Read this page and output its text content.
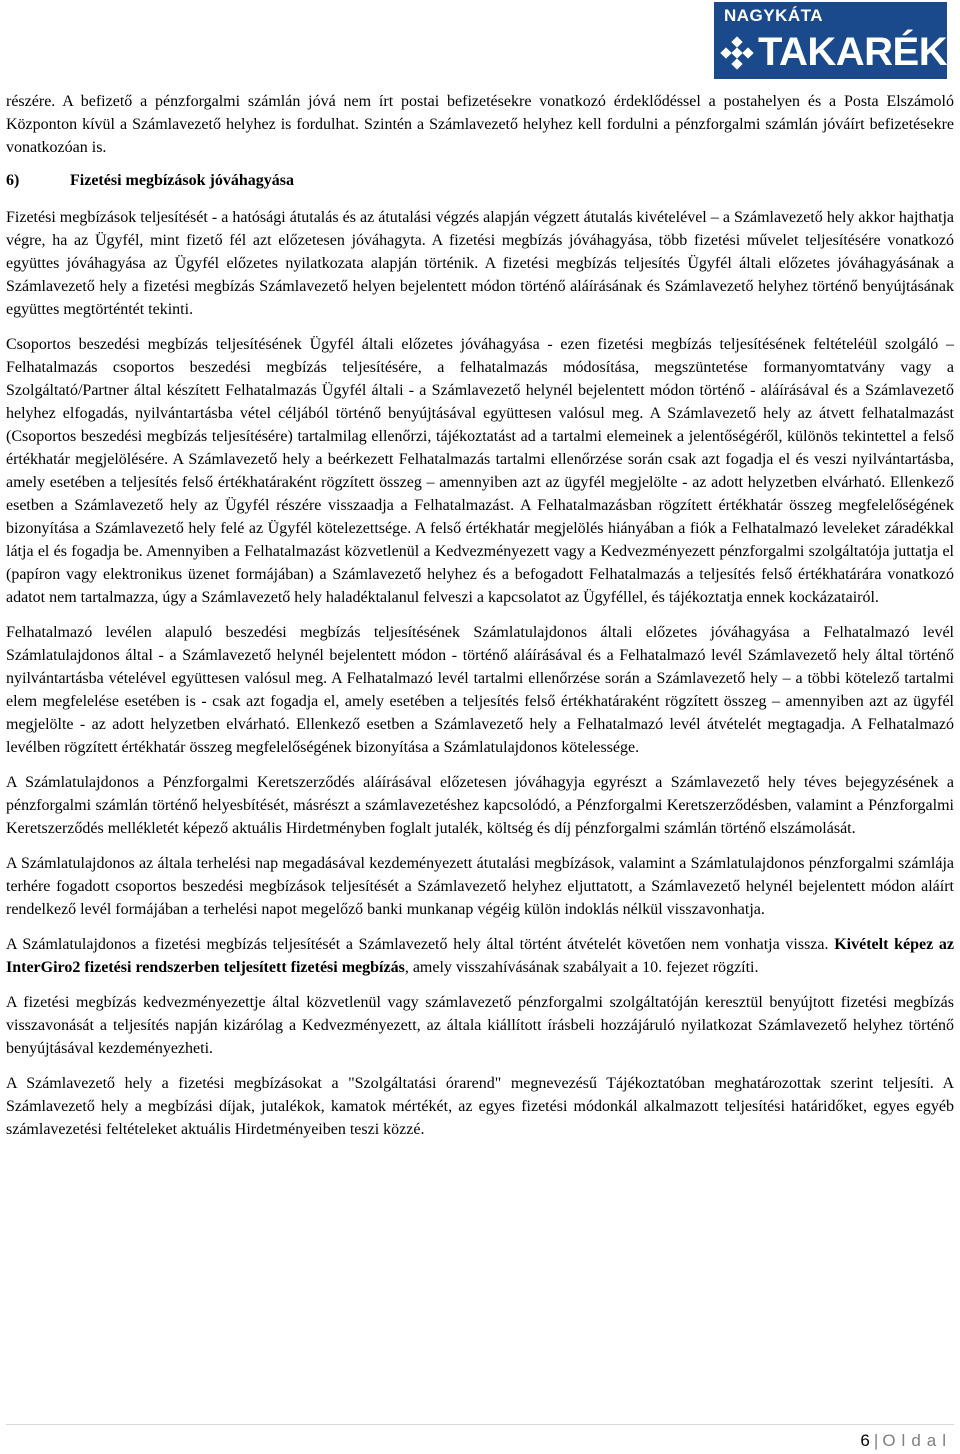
NAGYKÁTA
TAKARÉK

részére. A befizető a pénzforgalmi számlán jóvá nem írt postai befizetésekre vonatkozó érdeklődéssel a postahelyen és a Posta Elszámoló Központon kívül a Számlavezető helyhez is fordulhat. Szintén a Számlavezető helyhez kell fordulni a pénzforgalmi számlán jóváírt befizetésekre vonatkozóan is.

6)	Fizetési megbízások jóváhagyása

Fizetési megbízások teljesítését - a hatósági átutalás és az átutalási végzés alapján végzett átutalás kivételével – a Számlavezető hely akkor hajthatja végre, ha az Ügyfél, mint fizető fél azt előzetesen jóváhagyta. A fizetési megbízás jóváhagyása, több fizetési művelet teljesítésére vonatkozó együttes jóváhagyása az Ügyfél előzetes nyilatkozata alapján történik. A fizetési megbízás teljesítés Ügyfél általi előzetes jóváhagyásának a Számlavezető hely a fizetési megbízás Számlavezető helyen bejelentett módon történő aláírásának és Számlavezető helyhez történő benyújtásának együttes megtörténtét tekinti.

Csoportos beszedési megbízás teljesítésének Ügyfél általi előzetes jóváhagyása - ezen fizetési megbízás teljesítésének feltételéül szolgáló – Felhatalmazás csoportos beszedési megbízás teljesítésére, a felhatalmazás módosítása, megszüntetése formanyomtatvány vagy a Szolgáltató/Partner által készített Felhatalmazás Ügyfél általi - a Számlavezető helynél bejelentett módon történő - aláírásával és a Számlavezető helyhez elfogadás, nyilvántartásba vétel céljából történő benyújtásával együttesen valósul meg. A Számlavezető hely az átvett felhatalmazást (Csoportos beszedési megbízás teljesítésére) tartalmilag ellenőrzi, tájékoztatást ad a tartalmi elemeinek a jelentőségéről, különös tekintettel a felső értékhatár megjelölésére. A Számlavezető hely a beérkezett Felhatalmazás tartalmi ellenőrzése során csak azt fogadja el és veszi nyilvántartásba, amely esetében a teljesítés felső értékhatáraként rögzített összeg – amennyiben azt az ügyfél megjelölte - az adott helyzetben elvárható. Ellenkező esetben a Számlavezető hely az Ügyfél részére visszaadja a Felhatalmazást. A Felhatalmazásban rögzített értékhatár összeg megfelelőségének bizonyítása a Számlavezető hely felé az Ügyfél kötelezettsége. A felső értékhatár megjelölés hiányában a fiók a Felhatalmazó leveleket záradékkal látja el és fogadja be. Amennyiben a Felhatalmazást közvetlenül a Kedvezményezett vagy a Kedvezményezett pénzforgalmi szolgáltatója juttatja el (papíron vagy elektronikus üzenet formájában) a Számlavezető helyhez és a befogadott Felhatalmazás a teljesítés felső értékhatárára vonatkozó adatot nem tartalmazza, úgy a Számlavezető hely haladéktalanul felveszi a kapcsolatot az Ügyféllel, és tájékoztatja ennek kockázatairól.

Felhatalmazó levélen alapuló beszedési megbízás teljesítésének Számlatulajdonos általi előzetes jóváhagyása a Felhatalmazó levél Számlatulajdonos által - a Számlavezető helynél bejelentett módon - történő aláírásával és a Felhatalmazó levél Számlavezető hely által történő nyilvántartásba vételével együttesen valósul meg. A Felhatalmazó levél tartalmi ellenőrzése során a Számlavezető hely – a többi kötelező tartalmi elem megfelelése esetében is - csak azt fogadja el, amely esetében a teljesítés felső értékhatáraként rögzített összeg – amennyiben azt az ügyfél megjelölte - az adott helyzetben elvárható. Ellenkező esetben a Számlavezető hely a Felhatalmazó levél átvételét megtagadja. A Felhatalmazó levélben rögzített értékhatár összeg megfelelőségének bizonyítása a Számlatulajdonos kötelessége.

A Számlatulajdonos a Pénzforgalmi Keretszerződés aláírásával előzetesen jóváhagyja egyrészt a Számlavezető hely téves bejegyzésének a pénzforgalmi számlán történő helyesbítését, másrészt a számlavezetéshez kapcsolódó, a Pénzforgalmi Keretszerződésben, valamint a Pénzforgalmi Keretszerződés mellékletét képező aktuális Hirdetményben foglalt jutalék, költség és díj pénzforgalmi számlán történő elszámolását.

A Számlatulajdonos az általa terhelési nap megadásával kezdeményezett átutalási megbízások, valamint a Számlatulajdonos pénzforgalmi számlája terhére fogadott csoportos beszedési megbízások teljesítését a Számlavezető helyhez eljuttatott, a Számlavezető helynél bejelentett módon aláírt rendelkező levél formájában a terhelési napot megelőző banki munkanap végéig külön indoklás nélkül visszavonhatja.

A Számlatulajdonos a fizetési megbízás teljesítését a Számlavezető hely által történt átvételét követően nem vonhatja vissza. Kivételt képez az InterGiro2 fizetési rendszerben teljesített fizetési megbízás, amely visszahívásának szabályait a 10. fejezet rögzíti.

A fizetési megbízás kedvezményezettje által közvetlenül vagy számlavezető pénzforgalmi szolgáltatóján keresztül benyújtott fizetési megbízás visszavonását a teljesítés napján kizárólag a Kedvezményezett, az általa kiállított írásbeli hozzájáruló nyilatkozat Számlavezető helyhez történő benyújtásával kezdeményezheti.

A Számlavezető hely a fizetési megbízásokat a "Szolgáltatási órarend" megnevezésű Tájékoztatóban meghatározottak szerint teljesíti. A Számlavezető hely a megbízási díjak, jutalékok, kamatok mértékét, az egyes fizetési módonkál alkalmazott teljesítési határidőket, egyes egyéb számlavezetési feltételeket aktuális Hirdetményeiben teszi közzé.

6 | Oldal
